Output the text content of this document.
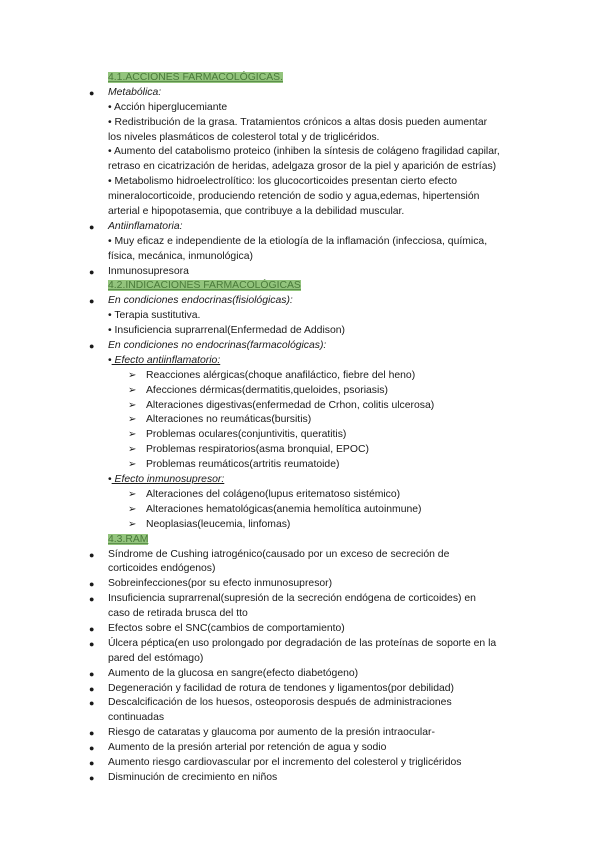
4.1.ACCIONES FARMACOLÓGICAS.
● Metabólica:
• Acción hiperglucemiante
• Redistribución de la grasa. Tratamientos crónicos a altas dosis pueden aumentar
los niveles plasmáticos de colesterol total y de triglicéridos.
• Aumento del catabolismo proteico (inhiben la síntesis de colágeno fragilidad capilar,
retraso en cicatrización de heridas, adelgaza grosor de la piel y aparición de estrías)
• Metabolismo hidroelectrolítico: los glucocorticoides presentan cierto efecto
mineralocorticoide, produciendo retención de sodio y agua,edemas, hipertensión
arterial e hipopotasemia, que contribuye a la debilidad muscular.
● Antiinflamatoria:
• Muy eficaz e independiente de la etiología de la inflamación (infecciosa, química,
física, mecánica, inmunológica)
● Inmunosupresora
4.2.INDICACIONES FARMACOLÓGICAS
● En condiciones endocrinas(fisiológicas):
• Terapia sustitutiva.
• Insuficiencia suprarrenal(Enfermedad de Addison)
● En condiciones no endocrinas(farmacológicas):
• Efecto antiinflamatorio:
➢ Reacciones alérgicas(choque anafiláctico, fiebre del heno)
➢ Afecciones dérmicas(dermatitis,queloides, psoriasis)
➢ Alteraciones digestivas(enfermedad de Crhon, colitis ulcerosa)
➢ Alteraciones no reumáticas(bursitis)
➢ Problemas oculares(conjuntivitis, queratitis)
➢ Problemas respiratorios(asma bronquial, EPOC)
➢ Problemas reumáticos(artritis reumatoide)
• Efecto inmunosupresor:
➢ Alteraciones del colágeno(lupus eritematoso sistémico)
➢ Alteraciones hematológicas(anemia hemolítica autoinmune)
➢ Neoplasias(leucemia, linfomas)
4.3.RAM
● Síndrome de Cushing iatrogénico(causado por un exceso de secreción de
corticoides endógenos)
● Sobreinfecciones(por su efecto inmunosupresor)
● Insuficiencia suprarrenal(supresión de la secreción endógena de corticoides) en
caso de retirada brusca del tto
● Efectos sobre el SNC(cambios de comportamiento)
● Úlcera péptica(en uso prolongado por degradación de las proteínas de soporte en la
pared del estómago)
● Aumento de la glucosa en sangre(efecto diabetógeno)
● Degeneración y facilidad de rotura de tendones y ligamentos(por debilidad)
● Descalcificación de los huesos, osteoporosis después de administraciones
continuadas
● Riesgo de cataratas y glaucoma por aumento de la presión intraocular-
● Aumento de la presión arterial por retención de agua y sodio
● Aumento riesgo cardiovascular por el incremento del colesterol y triglicéridos
● Disminución de crecimiento en niños
